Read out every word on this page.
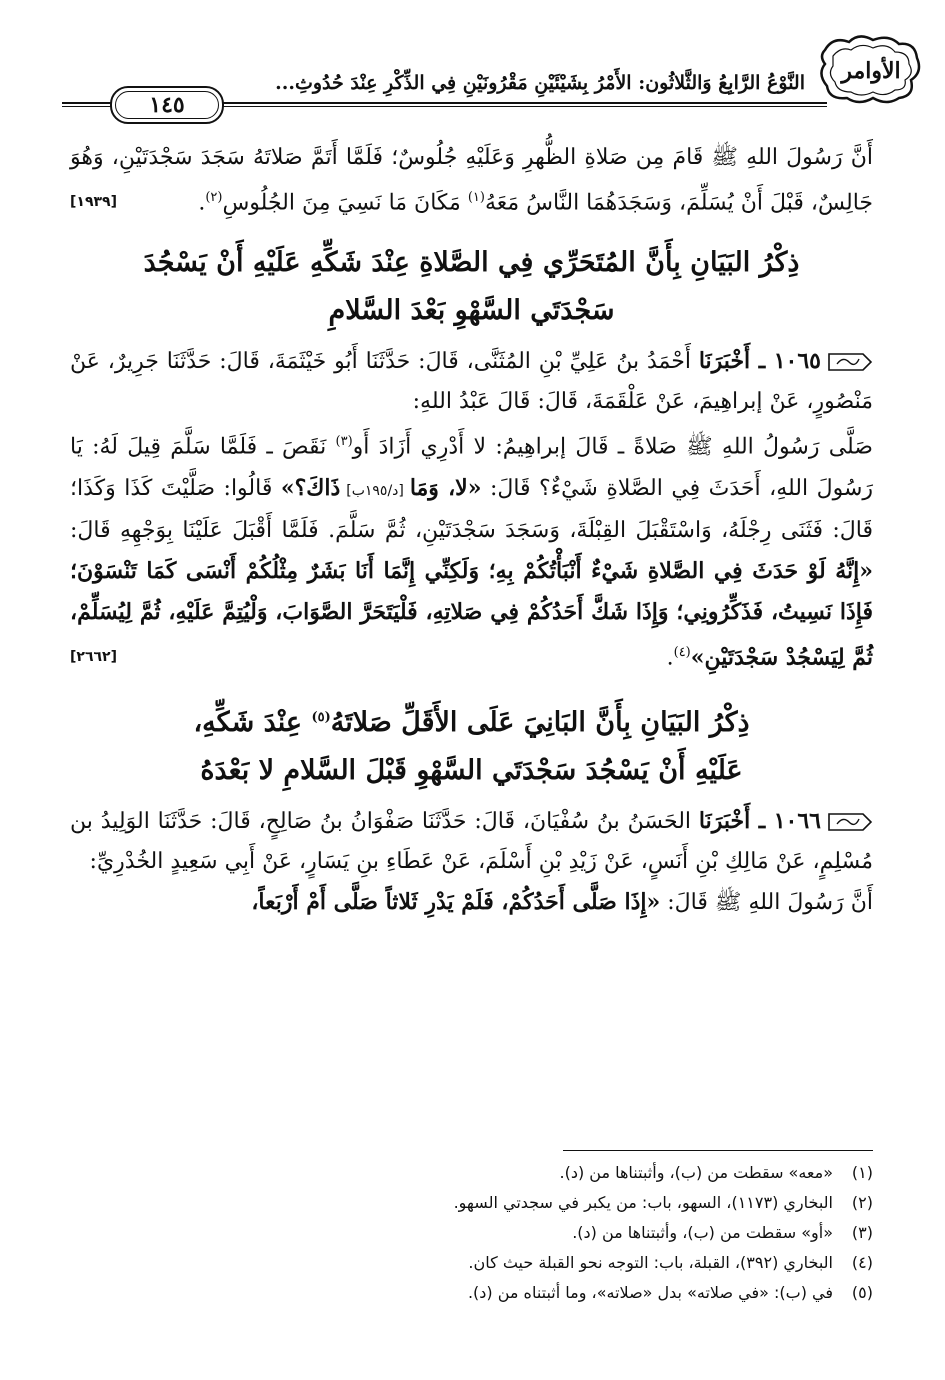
الأوامر
النَّوْعُ الرَّابِعُ وَالثَّلاثُون: الأَمْرُ بِشَيْئَيْنِ مَقْرُونَيْنِ فِي الذِّكْرِ عِنْدَ حُدُوثِ...
١٤٥

أَنَّ رَسُولَ اللهِ ﷺ قَامَ مِن صَلاةِ الظُّهرِ وَعَلَيْهِ جُلُوسٌ؛ فَلَمَّا أَتَمَّ صَلاتَهُ سَجَدَ سَجْدَتَيْنِ، وَهُوَ جَالِسٌ، قَبْلَ أَنْ يُسَلِّمَ، وَسَجَدَهُمَا النَّاسُ مَعَهُ$^{(١)}$ مَكَانَ مَا نَسِيَ مِنَ الجُلُوسِ$^{(٢)}$.
[١٩٣٩]

ذِكْرُ البَيَانِ بِأَنَّ المُتَحَرِّي فِي الصَّلاةِ عِنْدَ شَكِّهِ عَلَيْهِ أَنْ يَسْجُدَ
سَجْدَتَي السَّهْوِ بَعْدَ السَّلامِ

١٠٦٥ ـ أَخْبَرَنَا أَحْمَدُ بنُ عَلِيِّ بْنِ المُثَنَّى، قَالَ: حَدَّثَنَا أَبُو خَيْثَمَةَ، قَالَ: حَدَّثَنَا جَرِيرٌ، عَنْ مَنْصُورٍ، عَنْ إبراهِيمَ، عَنْ عَلْقَمَةَ، قَالَ: قَالَ عَبْدُ اللهِ:

صَلَّى رَسُولُ اللهِ ﷺ صَلاةً ـ قَالَ إبراهِيمُ: لا أَدْرِي أَزَادَ أَو$^{(٣)}$ نَقَصَ ـ فَلَمَّا سَلَّمَ قِيلَ لَهُ: يَا رَسُولَ اللهِ، أَحَدَثَ فِي الصَّلاةِ شَيْءٌ؟ قَالَ: «لا، وَمَا [د/١٩٥ب] ذَاكَ؟» قَالُوا: صَلَّيْتَ كَذَا وَكَذَا؛ قَالَ: فَثَنَى رِجْلَهُ، وَاسْتَقْبَلَ القِبْلَةَ، وَسَجَدَ سَجْدَتَيْنِ، ثُمَّ سَلَّمَ. فَلَمَّا أَقْبَلَ عَلَيْنَا بِوَجْهِهِ قَالَ: «إِنَّهُ لَوْ حَدَثَ فِي الصَّلاةِ شَيْءٌ أَنْبَأْتُكُمْ بِهِ؛ وَلَكِنِّي إِنَّمَا أَنَا بَشَرٌ مِثْلُكُمْ أَنْسَى كَمَا تَنْسَوْنَ؛ فَإِذَا نَسِيتُ، فَذَكِّرُونِي؛ وَإِذَا شَكَّ أَحَدُكُمْ فِي صَلاتِهِ، فَلْيَتَحَرَّ الصَّوَابَ، وَلْيُتِمَّ عَلَيْهِ، ثُمَّ لِيُسَلِّمْ، ثُمَّ لِيَسْجُدْ سَجْدَتَيْنِ»$^{(٤)}$.
[٢٦٦٢]

ذِكْرُ البَيَانِ بِأَنَّ البَانِيَ عَلَى الأَقَلِّ صَلاتَهُ$^{(٥)}$ عِنْدَ شَكِّهِ،
عَلَيْهِ أَنْ يَسْجُدَ سَجْدَتَي السَّهْوِ قَبْلَ السَّلامِ لا بَعْدَهُ

١٠٦٦ ـ أَخْبَرَنَا الحَسَنُ بنُ سُفْيَانَ، قَالَ: حَدَّثَنَا صَفْوَانُ بنُ صَالِحٍ، قَالَ: حَدَّثَنَا الوَلِيدُ بن مُسْلِمٍ، عَنْ مَالِكِ بْنِ أَنَسٍ، عَنْ زَيْدِ بْنِ أَسْلَمَ، عَنْ عَطَاءِ بنِ يَسَارٍ، عَنْ أَبِي سَعِيدٍ الخُدْرِيِّ:

أَنَّ رَسُولَ اللهِ ﷺ قَالَ: «إِذَا صَلَّى أَحَدُكُمْ، فَلَمْ يَدْرِ ثَلاثاً صَلَّى أَمْ أَرْبَعاً،

(١)«معه» سقطت من (ب)، وأثبتناها من (د).

(٢)البخاري (١١٧٣)، السهو، باب: من يكبر في سجدتي السهو.

(٣)«أو» سقطت من (ب)، وأثبتناها من (د).

(٤)البخاري (٣٩٢)، القبلة، باب: التوجه نحو القبلة حيث كان.

(٥)في (ب): «في صلاته» بدل «صلاته»، وما أثبتناه من (د).
